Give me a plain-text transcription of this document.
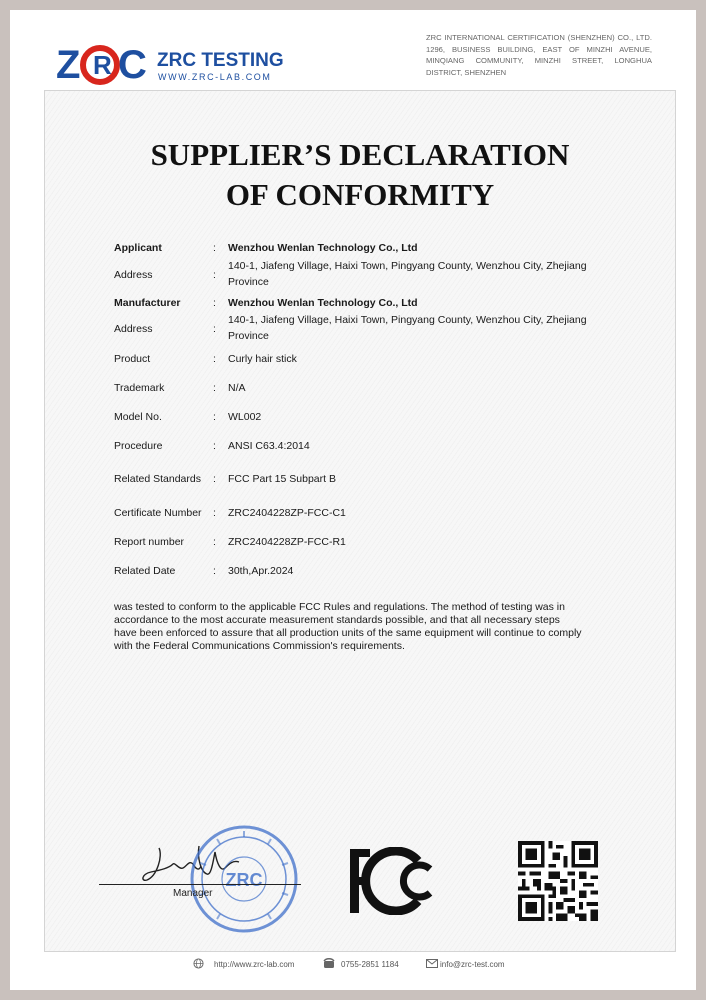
Z R C ZRC TESTING
WWW.ZRC-LAB.COM
ZRC INTERNATIONAL CERTIFICATION (SHENZHEN) CO., LTD. 1296, BUSINESS BUILDING, EAST OF MINZHI AVENUE, MINQIANG COMMUNITY, MINZHI STREET, LONGHUA DISTRICT, SHENZHEN
SUPPLIER’S DECLARATION
OF CONFORMITY
Applicant	: Wenzhou Wenlan Technology Co., Ltd
Address	:
140-1, Jiafeng Village, Haixi Town, Pingyang County, Wenzhou City, Zhejiang Province
Manufacturer	: Wenzhou Wenlan Technology Co., Ltd
Address	:
140-1, Jiafeng Village, Haixi Town, Pingyang County, Wenzhou City, Zhejiang Province
Product	: Curly hair stick
Trademark	: N/A
Model No.	: WL002
Procedure	: ANSI C63.4:2014
Related Standards	: FCC Part 15 Subpart B
Certificate Number	: ZRC2404228ZP-FCC-C1
Report number	: ZRC2404228ZP-FCC-R1
Related Date	: 30th,Apr.2024
was tested to conform to the applicable FCC Rules and regulations. The method of testing was in accordance to the most accurate measurement standards possible, and that all necessary steps have been enforced to assure that all production units of the same equipment will continue to comply with the Federal Communications Commission's requirements.
Jack Wu
ZRC
Manager
http://www.zrc-lab.com	0755-2851 1184	info@zrc-test.com
